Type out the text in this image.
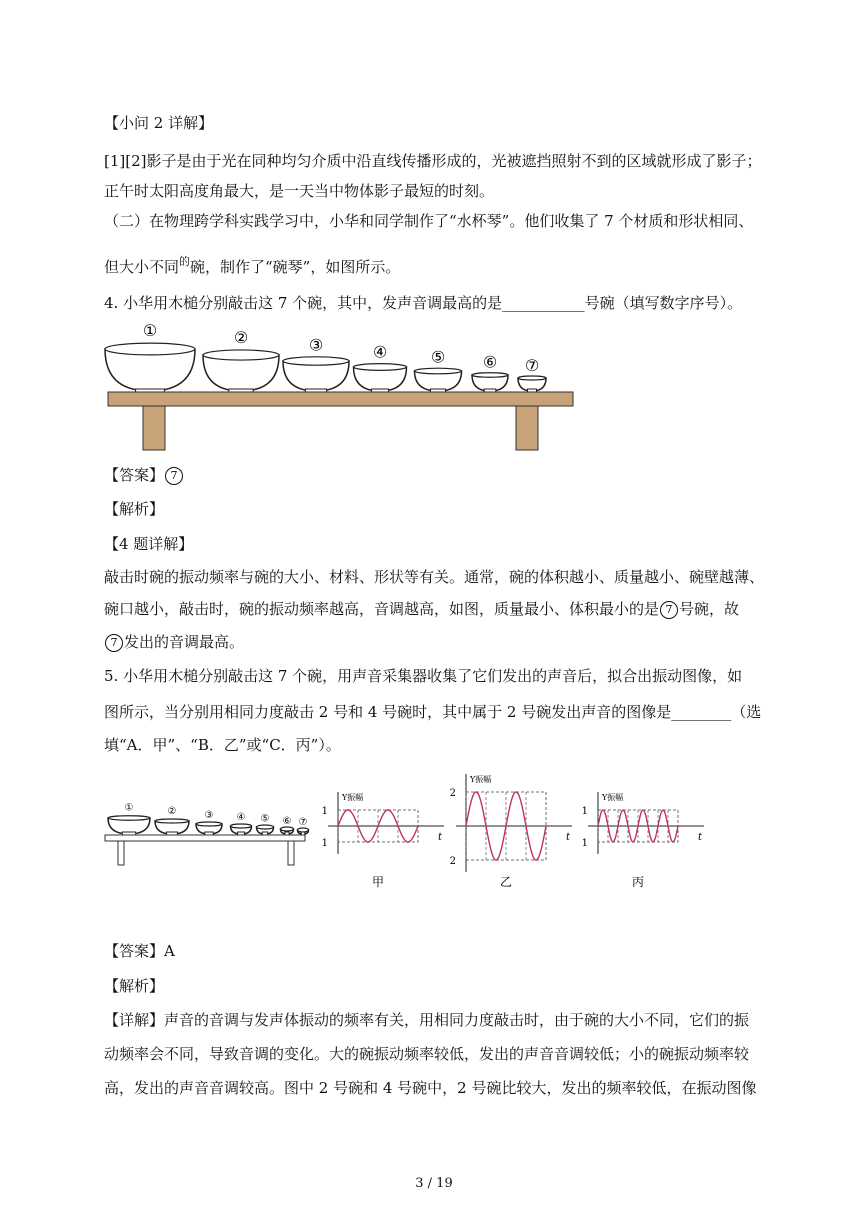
【小问 2 详解】
[1][2]影子是由于光在同种均匀介质中沿直线传播形成的，光被遮挡照射不到的区域就形成了影子；
正午时太阳高度角最大，是一天当中物体影子最短的时刻。
（二）在物理跨学科实践学习中，小华和同学制作了“水杯琴”。他们收集了 7 个材质和形状相同、
但大小不同$^的$碗，制作了“碗琴”，如图所示。
4. 小华用木槌分别敲击这 7 个碗，其中，发声音调最高的是___________号碗（填写数字序号）。
①	②	③	④	⑤ ⑥ ⑦
【答案】 7
【解析】
【4 题详解】
敲击时碗的振动频率与碗的大小、材料、形状等有关。通常，碗的体积越小、质量越小、碗壁越薄、
碗口越小，敲击时，碗的振动频率越高，音调越高，如图，质量最小、体积最小的是 7 号碗，故
7 发出的音调最高。
5. 小华用木槌分别敲击这 7 个碗，用声音采集器收集了它们发出的声音后，拟合出振动图像，如
图所示，当分别用相同力度敲击 2 号和 4 号碗时，其中属于 2 号碗发出声音的图像是________（选
填“A．甲”、“B．乙”或“C．丙”）。
①	②	③ ④ ⑤ ⑥ ⑦
1
1
t
Y振幅
甲
2
2
t
Y振幅
乙
1
1
t
Y振幅
丙
【答案】A
【解析】
【详解】声音的音调与发声体振动的频率有关，用相同力度敲击时，由于碗的大小不同，它们的振
动频率会不同，导致音调的变化。大的碗振动频率较低，发出的声音音调较低；小的碗振动频率较
高，发出的声音音调较高。图中 2 号碗和 4 号碗中，2 号碗比较大，发出的频率较低，在振动图像
3 / 19
